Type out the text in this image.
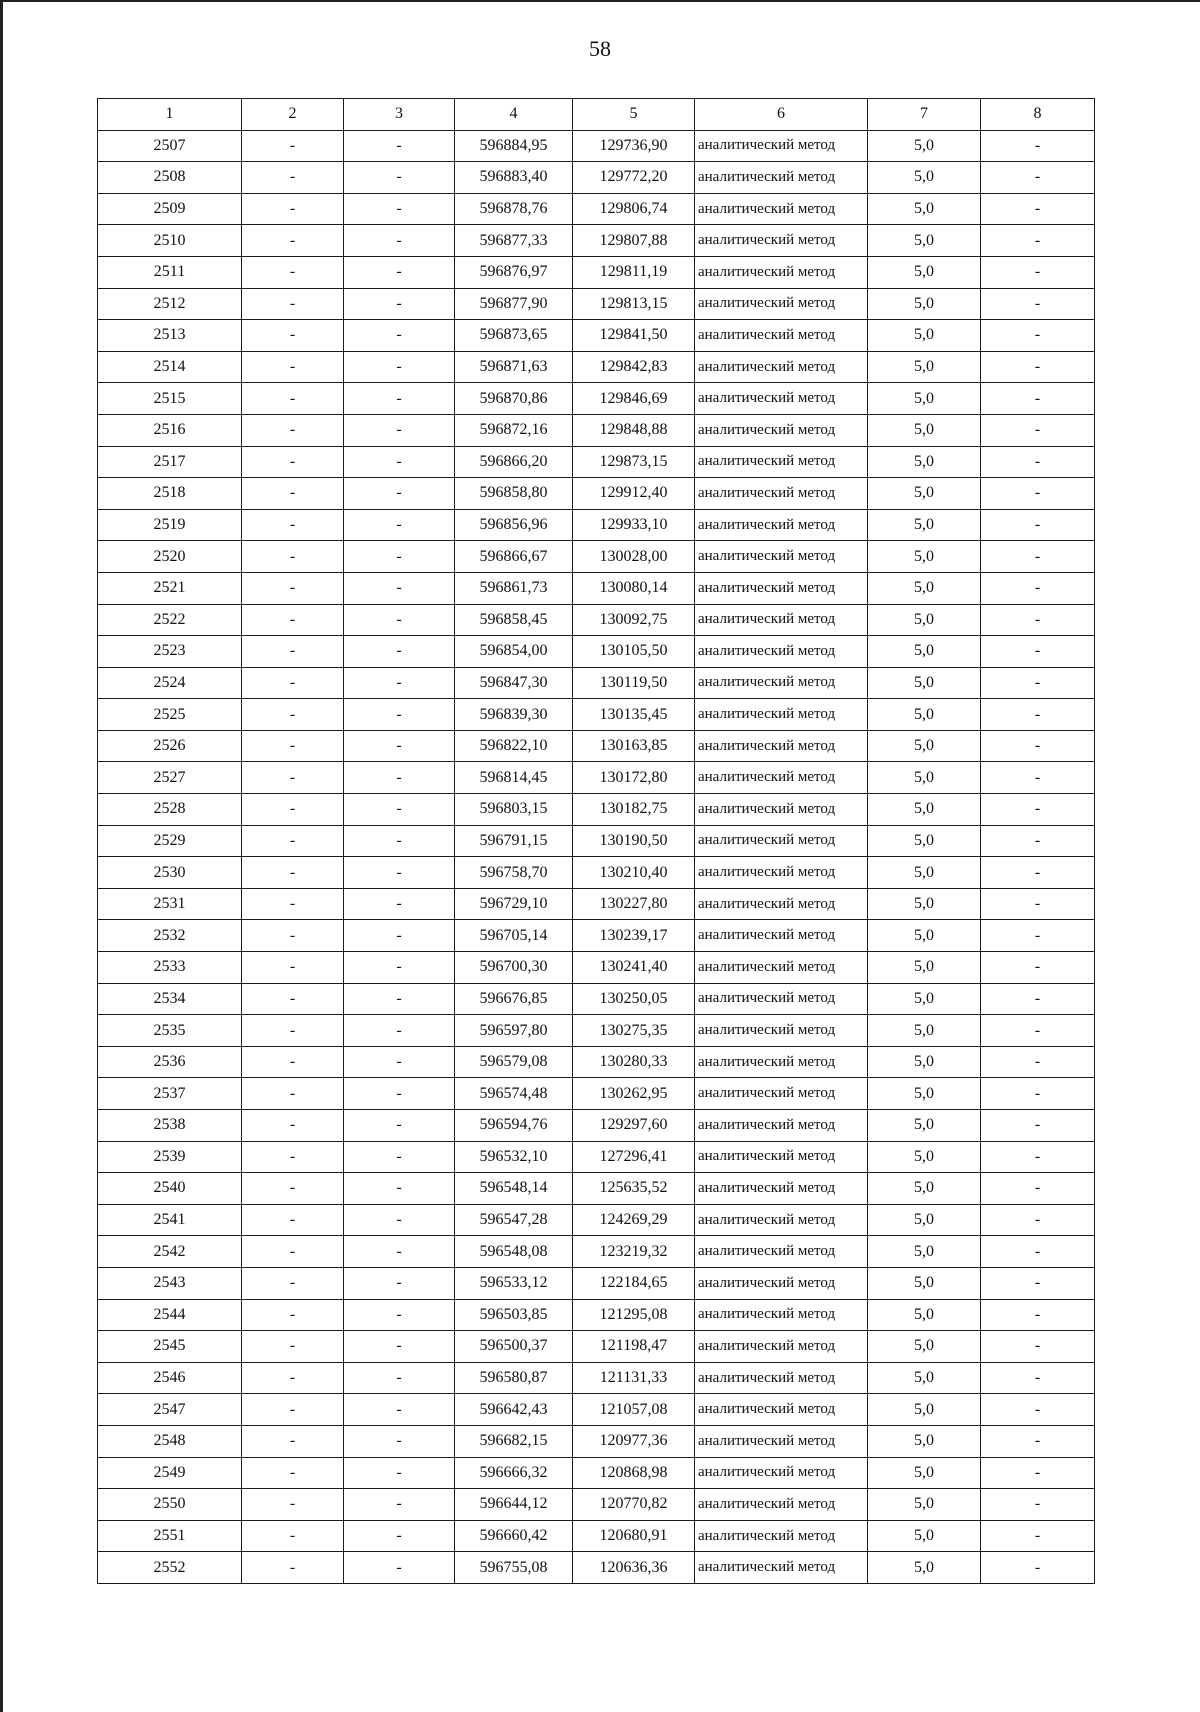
58
1	2	3	4	5	6	7	8
2507	-	-	596884,95	129736,90	аналитический метод	5,0	-
2508	-	-	596883,40	129772,20	аналитический метод	5,0	-
2509	-	-	596878,76	129806,74	аналитический метод	5,0	-
2510	-	-	596877,33	129807,88	аналитический метод	5,0	-
2511	-	-	596876,97	129811,19	аналитический метод	5,0	-
2512	-	-	596877,90	129813,15	аналитический метод	5,0	-
2513	-	-	596873,65	129841,50	аналитический метод	5,0	-
2514	-	-	596871,63	129842,83	аналитический метод	5,0	-
2515	-	-	596870,86	129846,69	аналитический метод	5,0	-
2516	-	-	596872,16	129848,88	аналитический метод	5,0	-
2517	-	-	596866,20	129873,15	аналитический метод	5,0	-
2518	-	-	596858,80	129912,40	аналитический метод	5,0	-
2519	-	-	596856,96	129933,10	аналитический метод	5,0	-
2520	-	-	596866,67	130028,00	аналитический метод	5,0	-
2521	-	-	596861,73	130080,14	аналитический метод	5,0	-
2522	-	-	596858,45	130092,75	аналитический метод	5,0	-
2523	-	-	596854,00	130105,50	аналитический метод	5,0	-
2524	-	-	596847,30	130119,50	аналитический метод	5,0	-
2525	-	-	596839,30	130135,45	аналитический метод	5,0	-
2526	-	-	596822,10	130163,85	аналитический метод	5,0	-
2527	-	-	596814,45	130172,80	аналитический метод	5,0	-
2528	-	-	596803,15	130182,75	аналитический метод	5,0	-
2529	-	-	596791,15	130190,50	аналитический метод	5,0	-
2530	-	-	596758,70	130210,40	аналитический метод	5,0	-
2531	-	-	596729,10	130227,80	аналитический метод	5,0	-
2532	-	-	596705,14	130239,17	аналитический метод	5,0	-
2533	-	-	596700,30	130241,40	аналитический метод	5,0	-
2534	-	-	596676,85	130250,05	аналитический метод	5,0	-
2535	-	-	596597,80	130275,35	аналитический метод	5,0	-
2536	-	-	596579,08	130280,33	аналитический метод	5,0	-
2537	-	-	596574,48	130262,95	аналитический метод	5,0	-
2538	-	-	596594,76	129297,60	аналитический метод	5,0	-
2539	-	-	596532,10	127296,41	аналитический метод	5,0	-
2540	-	-	596548,14	125635,52	аналитический метод	5,0	-
2541	-	-	596547,28	124269,29	аналитический метод	5,0	-
2542	-	-	596548,08	123219,32	аналитический метод	5,0	-
2543	-	-	596533,12	122184,65	аналитический метод	5,0	-
2544	-	-	596503,85	121295,08	аналитический метод	5,0	-
2545	-	-	596500,37	121198,47	аналитический метод	5,0	-
2546	-	-	596580,87	121131,33	аналитический метод	5,0	-
2547	-	-	596642,43	121057,08	аналитический метод	5,0	-
2548	-	-	596682,15	120977,36	аналитический метод	5,0	-
2549	-	-	596666,32	120868,98	аналитический метод	5,0	-
2550	-	-	596644,12	120770,82	аналитический метод	5,0	-
2551	-	-	596660,42	120680,91	аналитический метод	5,0	-
2552	-	-	596755,08	120636,36	аналитический метод	5,0	-
